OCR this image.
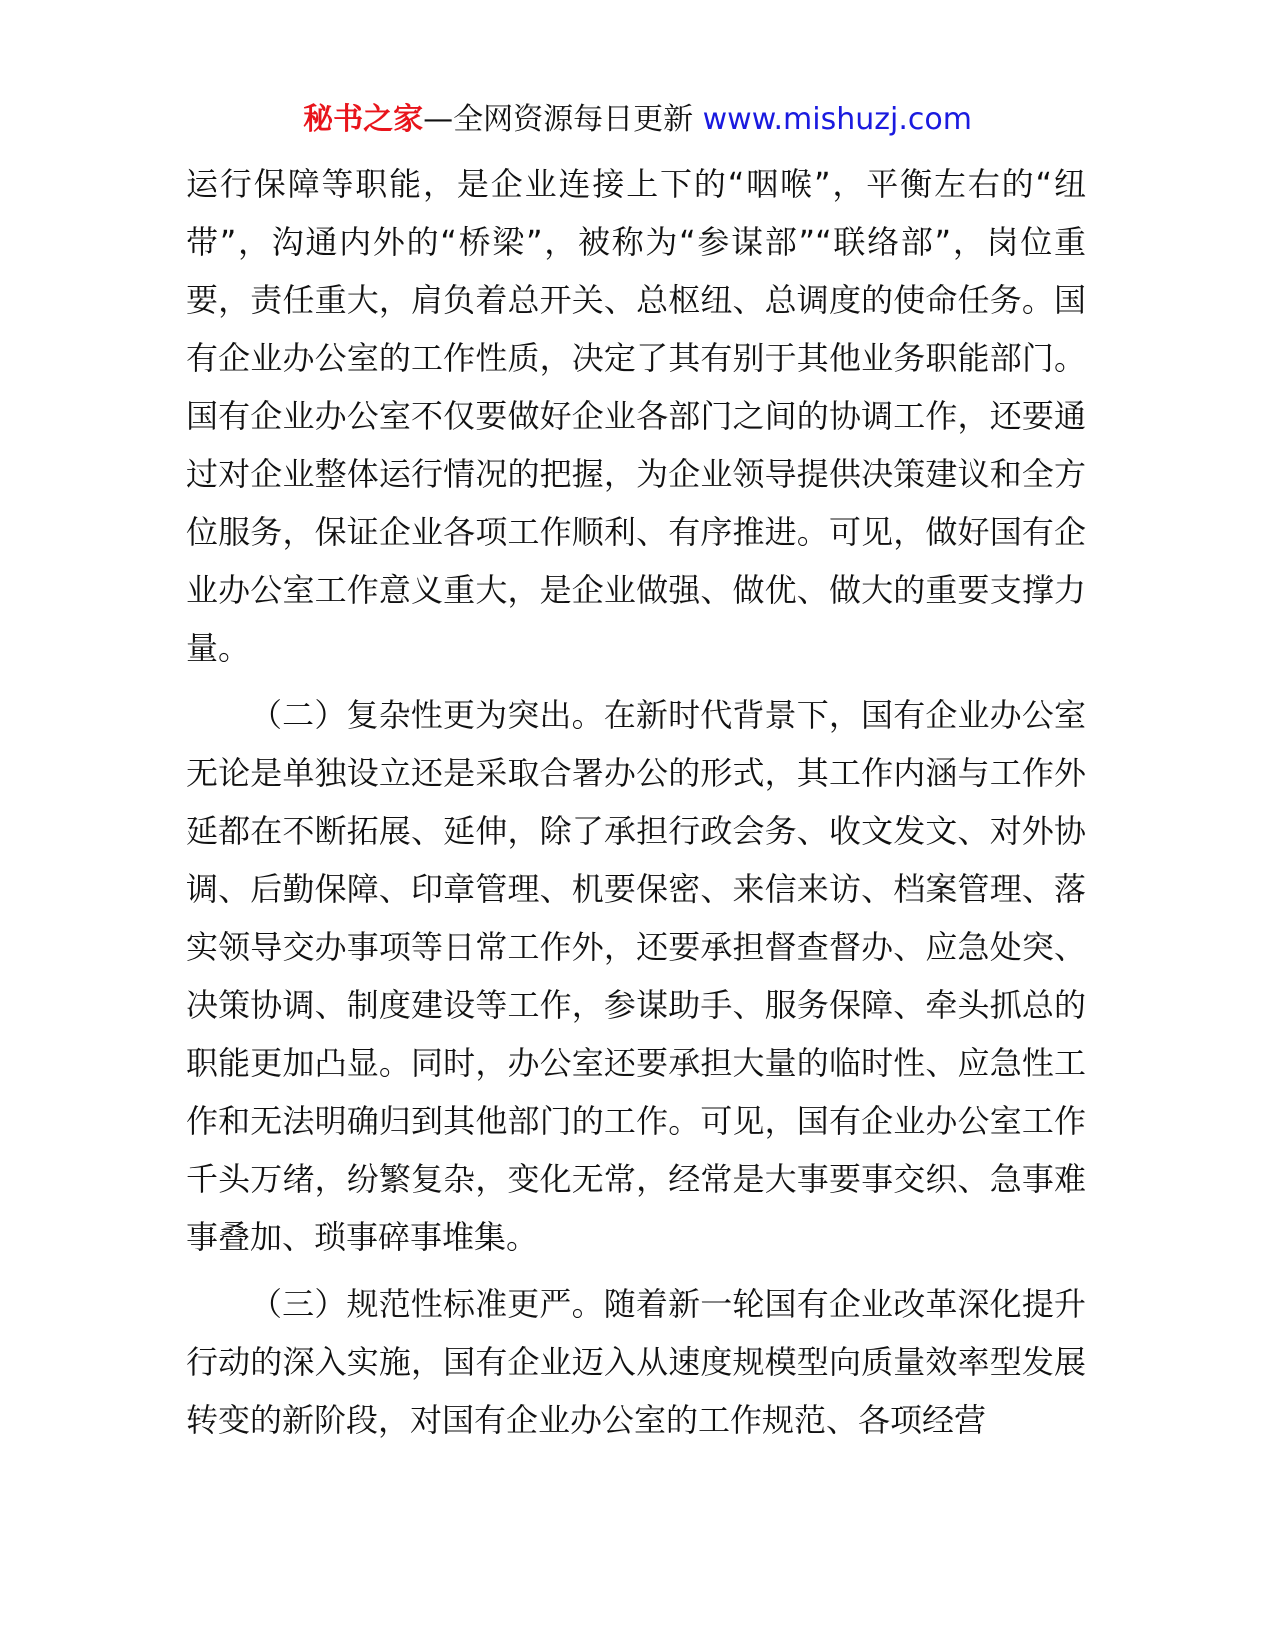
秘书之家—全网资源每日更新 www.mishuzj.com

运行保障等职能，是企业连接上下的“咽喉”，平衡左右的“纽带”，沟通内外的“桥梁”，被称为“参谋部”“联络部”，岗位重要，责任重大，肩负着总开关、总枢纽、总调度的使命任务。国有企业办公室的工作性质，决定了其有别于其他业务职能部门。国有企业办公室不仅要做好企业各部门之间的协调工作，还要通过对企业整体运行情况的把握，为企业领导提供决策建议和全方位服务，保证企业各项工作顺利、有序推进。可见，做好国有企业办公室工作意义重大，是企业做强、做优、做大的重要支撑力量。

（二）复杂性更为突出。在新时代背景下，国有企业办公室无论是单独设立还是采取合署办公的形式，其工作内涵与工作外延都在不断拓展、延伸，除了承担行政会务、收文发文、对外协调、后勤保障、印章管理、机要保密、来信来访、档案管理、落实领导交办事项等日常工作外，还要承担督查督办、应急处突、决策协调、制度建设等工作，参谋助手、服务保障、牵头抓总的职能更加凸显。同时，办公室还要承担大量的临时性、应急性工作和无法明确归到其他部门的工作。可见，国有企业办公室工作千头万绪，纷繁复杂，变化无常，经常是大事要事交织、急事难事叠加、琐事碎事堆集。

（三）规范性标准更严。随着新一轮国有企业改革深化提升行动的深入实施，国有企业迈入从速度规模型向质量效率型发展转变的新阶段，对国有企业办公室的工作规范、各项经营
